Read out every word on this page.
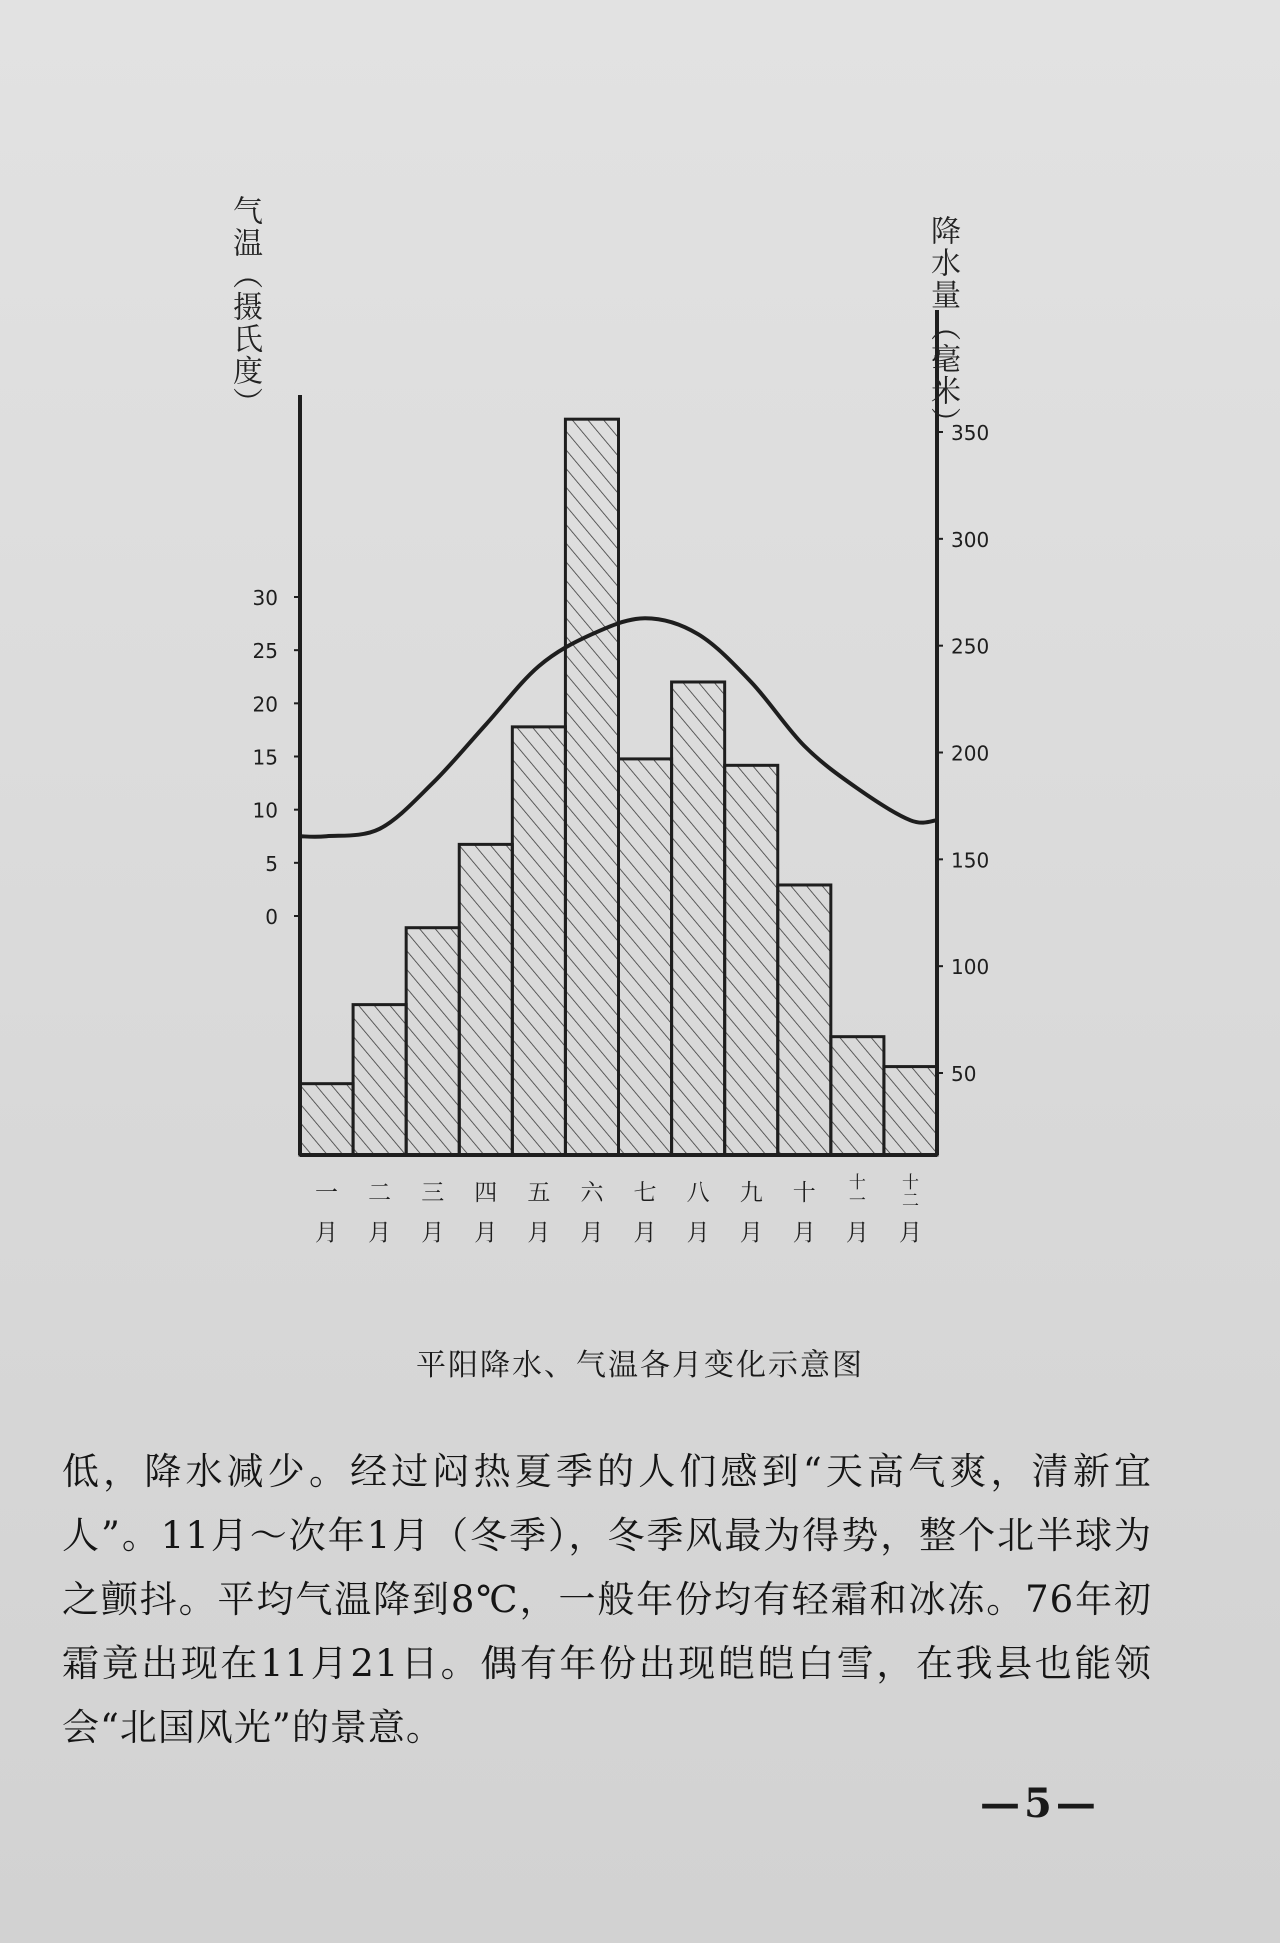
气温（摄氏度）	降水量（毫米）
0
5
10
15
20
25
30
50
100
150
200
250
300
350
一
月
二
月
三
月
四
月
五
月
六
月
七
月
八
月
九
月
十
月
十
一
月
十
二
月
平阳降水、气温各月变化示意图

低，降水减少。经过闷热夏季的人们感到“天高气爽，清新宜人”。11月～次年1月（冬季），冬季风最为得势，整个北半球为之颤抖。平均气温降到8℃，一般年份均有轻霜和冰冻。76年初霜竟出现在11月21日。偶有年份出现皑皑白雪，在我县也能领会“北国风光”的景意。

—5—
